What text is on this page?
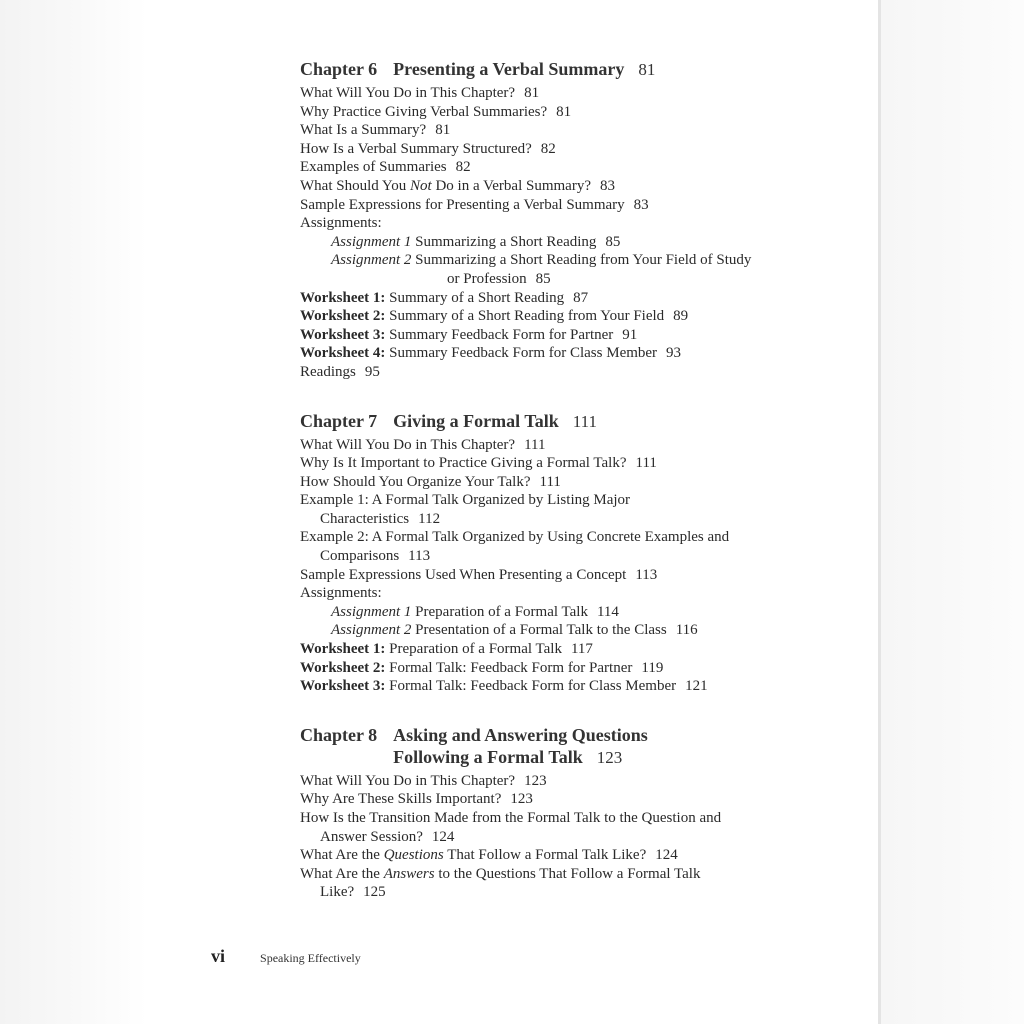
Chapter 6 Presenting a Verbal Summary 81
What Will You Do in This Chapter? 81
Why Practice Giving Verbal Summaries? 81
What Is a Summary? 81
How Is a Verbal Summary Structured? 82
Examples of Summaries 82
What Should You Not Do in a Verbal Summary? 83
Sample Expressions for Presenting a Verbal Summary 83
Assignments:
Assignment 1 Summarizing a Short Reading 85
Assignment 2 Summarizing a Short Reading from Your Field of Study
or Profession 85
Worksheet 1: Summary of a Short Reading 87
Worksheet 2: Summary of a Short Reading from Your Field 89
Worksheet 3: Summary Feedback Form for Partner 91
Worksheet 4: Summary Feedback Form for Class Member 93
Readings 95
Chapter 7 Giving a Formal Talk 111
What Will You Do in This Chapter? 111
Why Is It Important to Practice Giving a Formal Talk? 111
How Should You Organize Your Talk? 111
Example 1: A Formal Talk Organized by Listing Major
Characteristics 112
Example 2: A Formal Talk Organized by Using Concrete Examples and
Comparisons 113
Sample Expressions Used When Presenting a Concept 113
Assignments:
Assignment 1 Preparation of a Formal Talk 114
Assignment 2 Presentation of a Formal Talk to the Class 116
Worksheet 1: Preparation of a Formal Talk 117
Worksheet 2: Formal Talk: Feedback Form for Partner 119
Worksheet 3: Formal Talk: Feedback Form for Class Member 121
Chapter 8 Asking and Answering Questions
Following a Formal Talk 123
What Will You Do in This Chapter? 123
Why Are These Skills Important? 123
How Is the Transition Made from the Formal Talk to the Question and
Answer Session? 124
What Are the Questions That Follow a Formal Talk Like? 124
What Are the Answers to the Questions That Follow a Formal Talk
Like? 125
vi	Speaking Effectively
